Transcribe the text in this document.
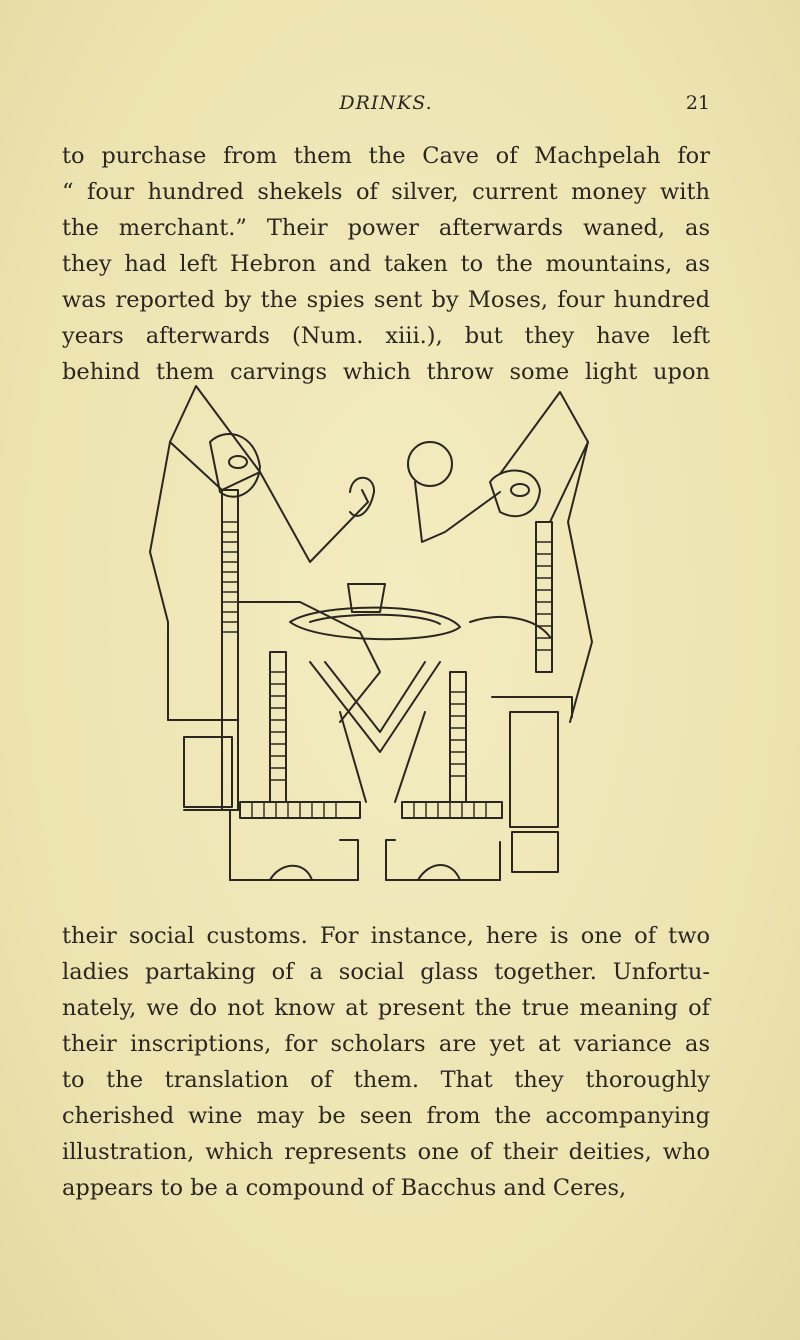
DRINKS.	21
to purchase from them the Cave of Machpelah for
“ four hundred shekels of silver, current money with
the merchant.” Their power afterwards waned, as
they had left Hebron and taken to the mountains, as
was reported by the spies sent by Moses, four hundred
years afterwards (Num. xiii.), but they have left
behind them carvings which throw some light upon
their social customs. For instance, here is one of two
ladies partaking of a social glass together. Unfortu-
nately, we do not know at present the true meaning of
their inscriptions, for scholars are yet at variance as
to the translation of them. That they thoroughly
cherished wine may be seen from the accompanying
illustration, which represents one of their deities, who
appears to be a compound of Bacchus and Ceres,
